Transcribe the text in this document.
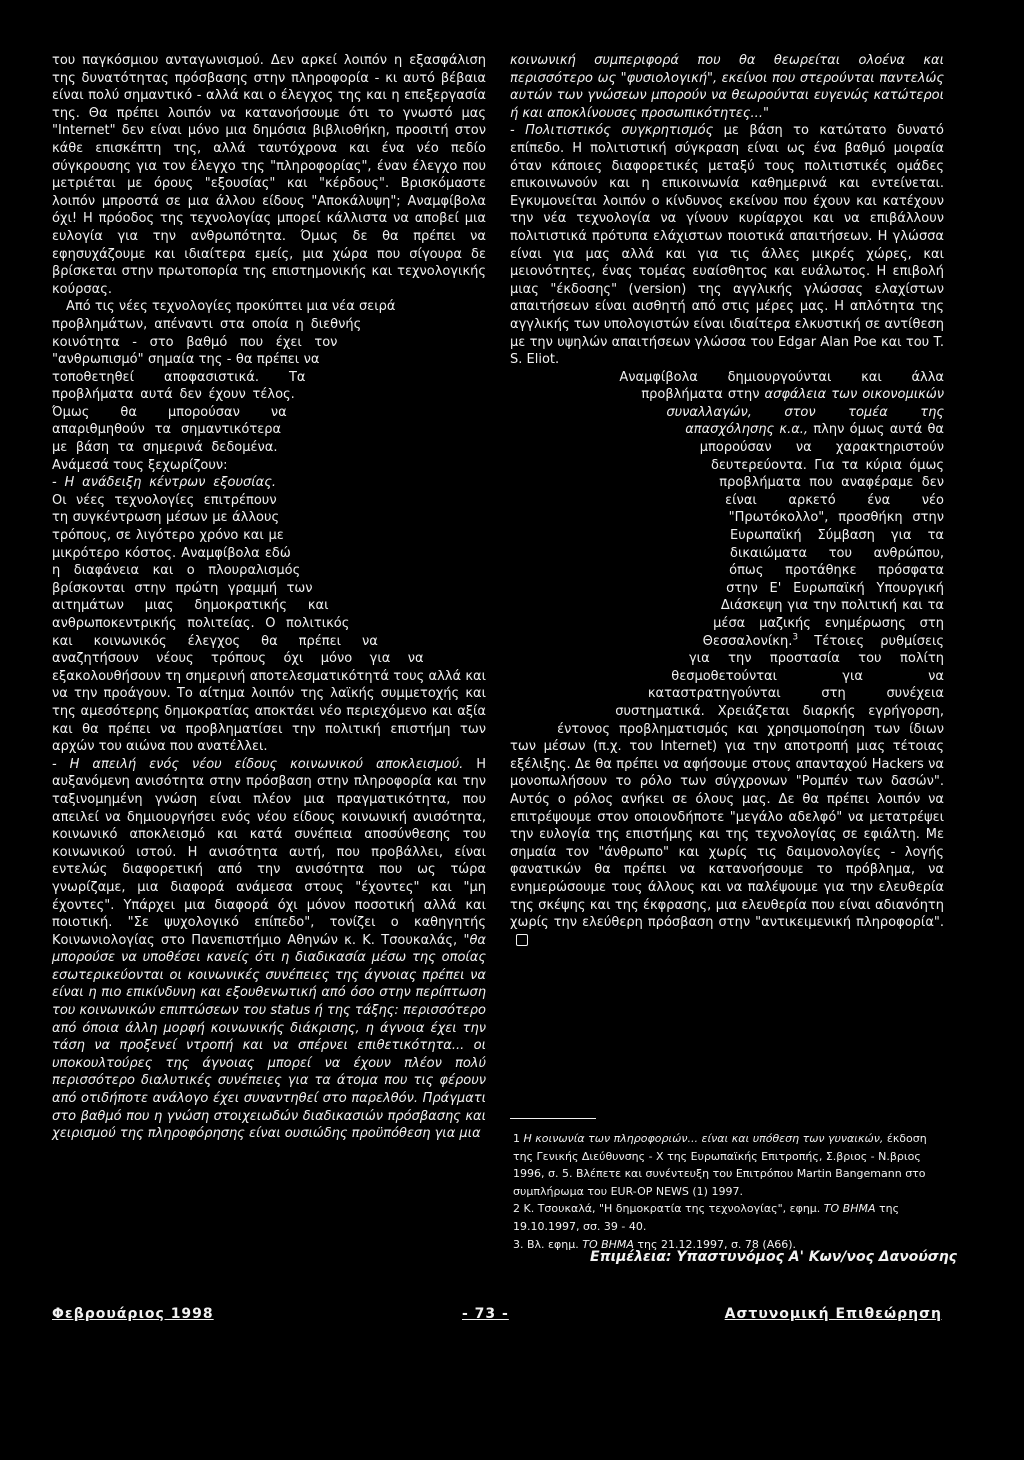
του παγκόσμιου ανταγωνισμού. Δεν αρκεί λοιπόν η εξασφάλιση της δυνατότητας πρόσβασης στην πληροφορία - κι αυτό βέβαια είναι πολύ σημαντικό - αλλά και ο έλεγχος της και η επεξεργασία της. Θα πρέπει λοιπόν να κατανοήσουμε ότι το γνωστό μας "Internet" δεν είναι μόνο μια δημόσια βιβλιοθήκη, προσιτή στον κάθε επισκέπτη της, αλλά ταυτόχρονα και ένα νέο πεδίο σύγκρουσης για τον έλεγχο της "πληροφορίας", έναν έλεγχο που μετριέται με όρους "εξουσίας" και "κέρδους". Βρισκόμαστε λοιπόν μπροστά σε μια άλλου είδους "Αποκάλυψη"; Αναμφίβολα όχι! Η πρόοδος της τεχνολογίας μπορεί κάλλιστα να αποβεί μια ευλογία για την ανθρωπότητα. Όμως δε θα πρέπει να εφησυχάζουμε και ιδιαίτερα εμείς, μια χώρα που σίγουρα δε βρίσκεται στην πρωτοπορία της επιστημονικής και τεχνολογικής κούρσας.

Από τις νέες τεχνολογίες προκύπτει μια νέα σειρά προβλημάτων, απέναντι στα οποία η διεθνής κοινότητα - στο βαθμό που έχει τον "ανθρωπισμό" σημαία της - θα πρέπει να τοποθετηθεί αποφασιστικά. Τα προβλήματα αυτά δεν έχουν τέλος. Όμως θα μπορούσαν να απαριθμηθούν τα σημαντικότερα με βάση τα σημερινά δεδομένα. Ανάμεσά τους ξεχωρίζουν:

- Η ανάδειξη κέντρων εξουσίας. Οι νέες τεχνολογίες επιτρέπουν τη συγκέντρωση μέσων με άλλους τρόπους, σε λιγότερο χρόνο και με μικρότερο κόστος. Αναμφίβολα εδώ η διαφάνεια και ο πλουραλισμός βρίσκονται στην πρώτη γραμμή των αιτημάτων μιας δημοκρατικής και ανθρωποκεντρικής πολιτείας. Ο πολιτικός και κοινωνικός έλεγχος θα πρέπει να αναζητήσουν νέους τρόπους όχι μόνο για να εξακολουθήσουν τη σημερινή αποτελεσματικότητά τους αλλά και να την προάγουν. Το αίτημα λοιπόν της λαϊκής συμμετοχής και της αμεσότερης δημοκρατίας αποκτάει νέο περιεχόμενο και αξία και θα πρέπει να προβληματίσει την πολιτική επιστήμη των αρχών του αιώνα που ανατέλλει.

- Η απειλή ενός νέου είδους κοινωνικού αποκλεισμού. Η αυξανόμενη ανισότητα στην πρόσβαση στην πληροφορία και την ταξινομημένη γνώση είναι πλέον μια πραγματικότητα, που απειλεί να δημιουργήσει ενός νέου είδους κοινωνική ανισότητα, κοινωνικό αποκλεισμό και κατά συνέπεια αποσύνθεσης του κοινωνικού ιστού. Η ανισότητα αυτή, που προβάλλει, είναι εντελώς διαφορετική από την ανισότητα που ως τώρα γνωρίζαμε, μια διαφορά ανάμεσα στους "έχοντες" και "μη έχοντες". Υπάρχει μια διαφορά όχι μόνον ποσοτική αλλά και ποιοτική. "Σε ψυχολογικό επίπεδο", τονίζει ο καθηγητής Κοινωνιολογίας στο Πανεπιστήμιο Αθηνών κ. Κ. Τσουκαλάς, "θα μπορούσε να υποθέσει κανείς ότι η διαδικασία μέσω της οποίας εσωτερικεύονται οι κοινωνικές συνέπειες της άγνοιας πρέπει να είναι η πιο επικίνδυνη και εξουθενωτική από όσο στην περίπτωση του κοινωνικών επιπτώσεων του status ή της τάξης: περισσότερο από όποια άλλη μορφή κοινωνικής διάκρισης, η άγνοια έχει την τάση να προξενεί ντροπή και να σπέρνει επιθετικότητα... οι υποκουλτούρες της άγνοιας μπορεί να έχουν πλέον πολύ περισσότερο διαλυτικές συνέπειες για τα άτομα που τις φέρουν από οτιδήποτε ανάλογο έχει συναντηθεί στο παρελθόν. Πράγματι στο βαθμό που η γνώση στοιχειωδών διαδικασιών πρόσβασης και χειρισμού της πληροφόρησης είναι ουσιώδης προϋπόθεση για μια

κοινωνική συμπεριφορά που θα θεωρείται ολοένα και περισσότερο ως "φυσιολογική", εκείνοι που στερούνται παντελώς αυτών των γνώσεων μπορούν να θεωρούνται ευγενώς κατώτεροι ή και αποκλίνουσες προσωπικότητες..."

- Πολιτιστικός συγκρητισμός με βάση το κατώτατο δυνατό επίπεδο. Η πολιτιστική σύγκραση είναι ως ένα βαθμό μοιραία όταν κάποιες διαφορετικές μεταξύ τους πολιτιστικές ομάδες επικοινωνούν και η επικοινωνία καθημερινά και εντείνεται. Εγκυμονείται λοιπόν ο κίνδυνος εκείνου που έχουν και κατέχουν την νέα τεχνολογία να γίνουν κυρίαρχοι και να επιβάλλουν πολιτιστικά πρότυπα ελάχιστων ποιοτικά απαιτήσεων. Η γλώσσα είναι για μας αλλά και για τις άλλες μικρές χώρες, και μειονότητες, ένας τομέας ευαίσθητος και ευάλωτος. Η επιβολή μιας "έκδοσης" (version) της αγγλικής γλώσσας ελαχίστων απαιτήσεων είναι αισθητή από στις μέρες μας. Η απλότητα της αγγλικής των υπολογιστών είναι ιδιαίτερα ελκυστική σε αντίθεση με την υψηλών απαιτήσεων γλώσσα του Edgar Alan Poe και του T. S. Eliot.

Αναμφίβολα δημιουργούνται και άλλα προβλήματα στην ασφάλεια των οικονομικών συναλλαγών, στον τομέα της απασχόλησης κ.α., πλην όμως αυτά θα μπορούσαν να χαρακτηριστούν δευτερεύοντα. Για τα κύρια όμως προβλήματα που αναφέραμε δεν είναι αρκετό ένα νέο "Πρωτόκολλο", προσθήκη στην Ευρωπαϊκή Σύμβαση για τα δικαιώματα του ανθρώπου, όπως προτάθηκε πρόσφατα στην Ε' Ευρωπαϊκή Υπουργική Διάσκεψη για την πολιτική και τα μέσα μαζικής ενημέρωσης στη Θεσσαλονίκη.$^3$ Τέτοιες ρυθμίσεις για την προστασία του πολίτη θεσμοθετούνται για να καταστρατηγούνται στη συνέχεια συστηματικά. Χρειάζεται διαρκής εγρήγορση, έντονος προβληματισμός και χρησιμοποίηση των ίδιων των μέσων (π.χ. του Internet) για την αποτροπή μιας τέτοιας εξέλιξης. Δε θα πρέπει να αφήσουμε στους απανταχού Hackers να μονοπωλήσουν το ρόλο των σύγχρονων "Ρομπέν των δασών". Αυτός ο ρόλος ανήκει σε όλους μας. Δε θα πρέπει λοιπόν να επιτρέψουμε στον οποιονδήποτε "μεγάλο αδελφό" να μετατρέψει την ευλογία της επιστήμης και της τεχνολογίας σε εφιάλτη. Με σημαία τον "άνθρωπο" και χωρίς τις δαιμονολογίες - λογής φανατικών θα πρέπει να κατανοήσουμε το πρόβλημα, να ενημερώσουμε τους άλλους και να παλέψουμε για την ελευθερία της σκέψης και της έκφρασης, μια ελευθερία που είναι αδιανόητη χωρίς την ελεύθερη πρόσβαση στην "αντικειμενική πληροφορία".

1 Η κοινωνία των πληροφοριών... είναι και υπόθεση των γυναικών, έκδοση της Γενικής Διεύθυνσης - Χ της Ευρωπαϊκής Επιτροπής, Σ.βριος - Ν.βριος 1996, σ. 5. Βλέπετε και συνέντευξη του Επιτρόπου Martin Bangemann στο συμπλήρωμα του EUR-OP NEWS (1) 1997.

2 Κ. Τσουκαλά, "Η δημοκρατία της τεχνολογίας", εφημ. ΤΟ ΒΗΜΑ της 19.10.1997, σσ. 39 - 40.

3. Βλ. εφημ. ΤΟ ΒΗΜΑ της 21.12.1997, σ. 78 (Α66).

Επιμέλεια: Υπαστυνόμος Α' Κων/νος Δανούσης
Φεβρουάριος 1998	- 73 -	Αστυνομική Επιθεώρηση
